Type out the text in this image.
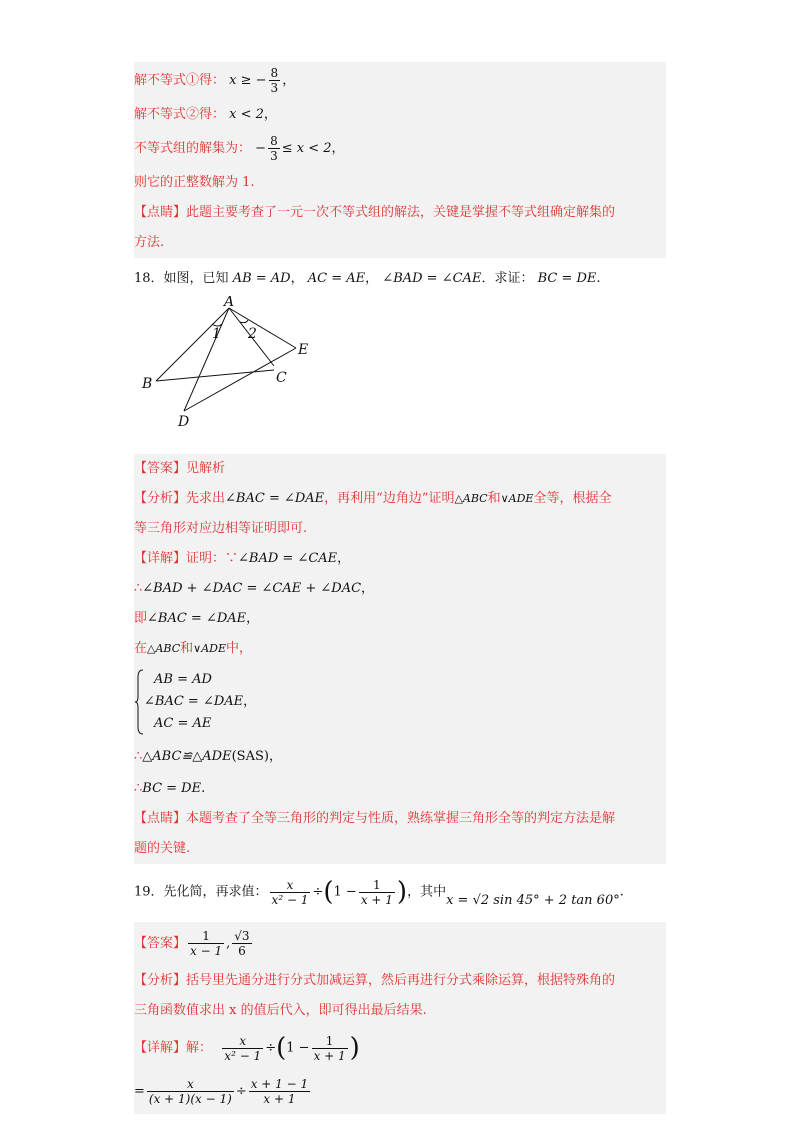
解不等式①得： x ≥ − $\frac{8}{3}$ ，
解不等式②得： x < 2，
不等式组的解集为： − $\frac{8}{3} \le x < 2$，
则它的正整数解为 1.
【点睛】此题主要考查了一元一次不等式组的解法，关键是掌握不等式组确定解集的
方法.
18．如图，已知 AB = AD， AC = AE， ∠BAD = ∠CAE．求证： BC = DE.
A
B	C
D
E
1 2
【答案】见解析
【分析】先求出∠BAC = ∠DAE，再利用“边角边”证明△ABC和∨ADE全等，根据全
等三角形对应边相等证明即可.
【详解】证明：∵∠BAD = ∠CAE，
∴∠BAD + ∠DAC = ∠CAE + ∠DAC，
即∠BAC = ∠DAE，
在△ABC和∨ADE中，
AB = AD
∠BAC = ∠DAE
AC = AE
，
∴△ABC≌△ADE(SAS)，
∴BC = DE.
【点睛】本题考查了全等三角形的判定与性质，熟练掌握三角形全等的判定方法是解
题的关键.
19．先化简，再求值： $\frac{x}{\text{x² − 1}} \div(1 - \frac{1}{x + 1}$ )，其中x = √2 sin 45° + 2 tan 60°.
【答案】 $\frac{1}{x - 1}$ , $\frac{√3}{6}$
【分析】括号里先通分进行分式加减运算，然后再进行分式乘除运算，根据特殊角的
三角函数值求出 x 的值后代入，即可得出最后结果.
【详解】解： $\frac{x}{\text{x² − 1}} \div(1 - \frac{1}{x + 1}$ )
= $\frac{x}{(x + 1)(x - 1)} \div \frac{x + 1 - 1}{x + 1}$
